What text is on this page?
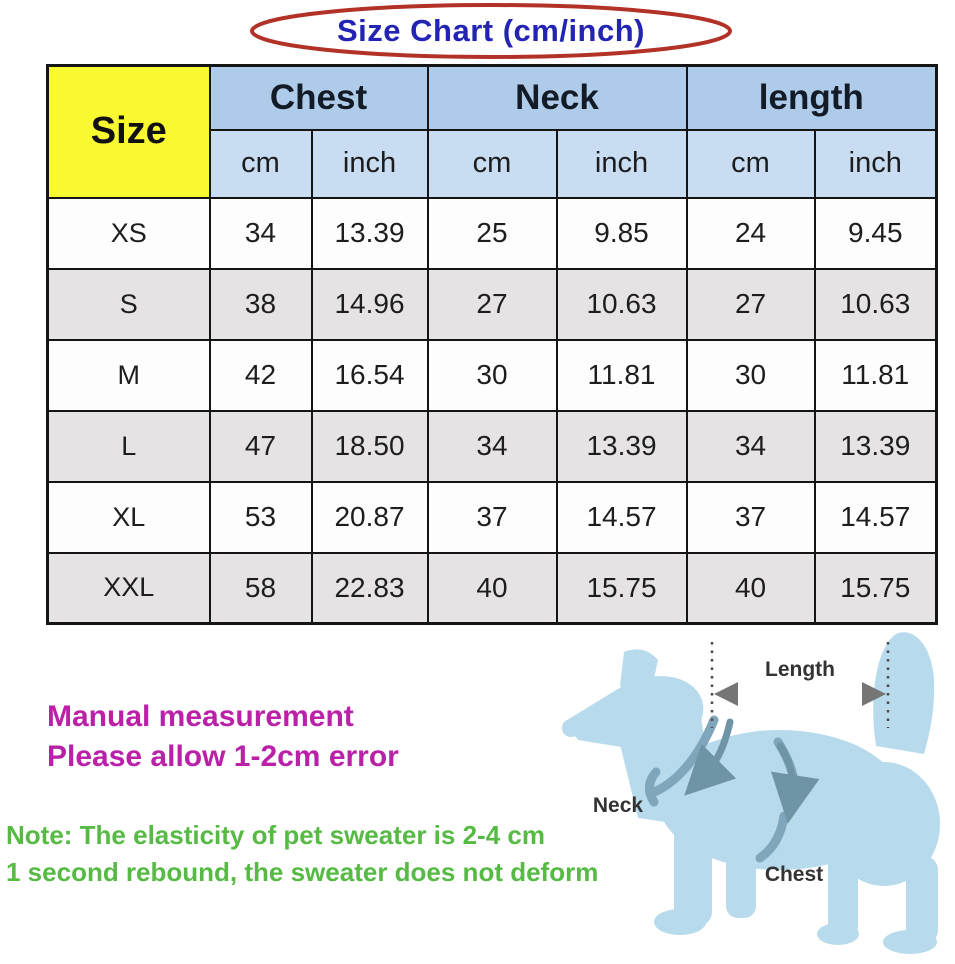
Size Chart (cm/inch)
Size	Chest		Neck		length	
	cm	inch	cm	inch	cm	inch
XS	34	13.39	25	9.85	24	9.45
S	38	14.96	27	10.63	27	10.63
M	42	16.54	30	11.81	30	11.81
L	47	18.50	34	13.39	34	13.39
XL	53	20.87	37	14.57	37	14.57
XXL	58	22.83	40	15.75	40	15.75
Manual measurement
Please allow 1-2cm error
Note: The elasticity of pet sweater is 2-4 cm
1 second rebound, the sweater does not deform
Length
Neck
Chest
